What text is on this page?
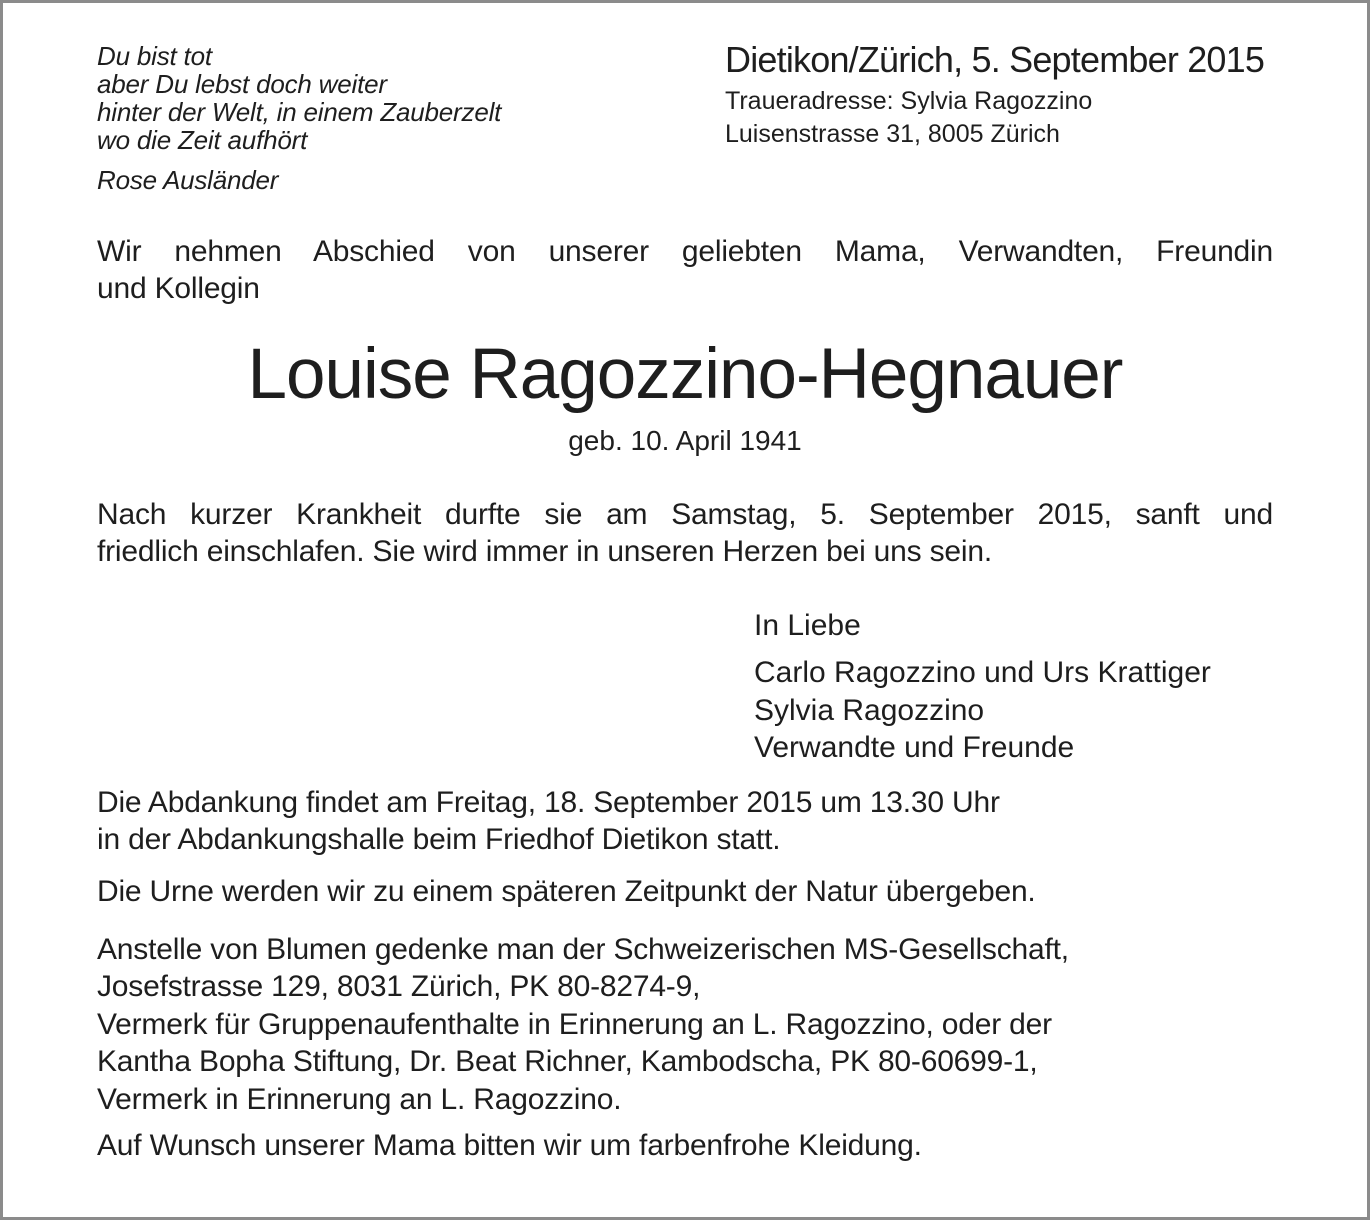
Du bist tot
aber Du lebst doch weiter
hinter der Welt, in einem Zauberzelt
wo die Zeit aufhört
Rose Ausländer
Dietikon/Zürich, 5. September 2015
Traueradresse: Sylvia Ragozzino
Luisenstrasse 31, 8005 Zürich
Wir nehmen Abschied von unserer geliebten Mama, Verwandten, Freundin
und Kollegin
Louise Ragozzino-Hegnauer
geb. 10. April 1941
Nach kurzer Krankheit durfte sie am Samstag, 5. September 2015, sanft und
friedlich einschlafen. Sie wird immer in unseren Herzen bei uns sein.
In Liebe
Carlo Ragozzino und Urs Krattiger
Sylvia Ragozzino
Verwandte und Freunde
Die Abdankung findet am Freitag, 18. September 2015 um 13.30 Uhr
in der Abdankungshalle beim Friedhof Dietikon statt.
Die Urne werden wir zu einem späteren Zeitpunkt der Natur übergeben.
Anstelle von Blumen gedenke man der Schweizerischen MS-Gesellschaft,
Josefstrasse 129, 8031 Zürich, PK 80-8274-9,
Vermerk für Gruppenaufenthalte in Erinnerung an L. Ragozzino, oder der
Kantha Bopha Stiftung, Dr. Beat Richner, Kambodscha, PK 80-60699-1,
Vermerk in Erinnerung an L. Ragozzino.
Auf Wunsch unserer Mama bitten wir um farbenfrohe Kleidung.
